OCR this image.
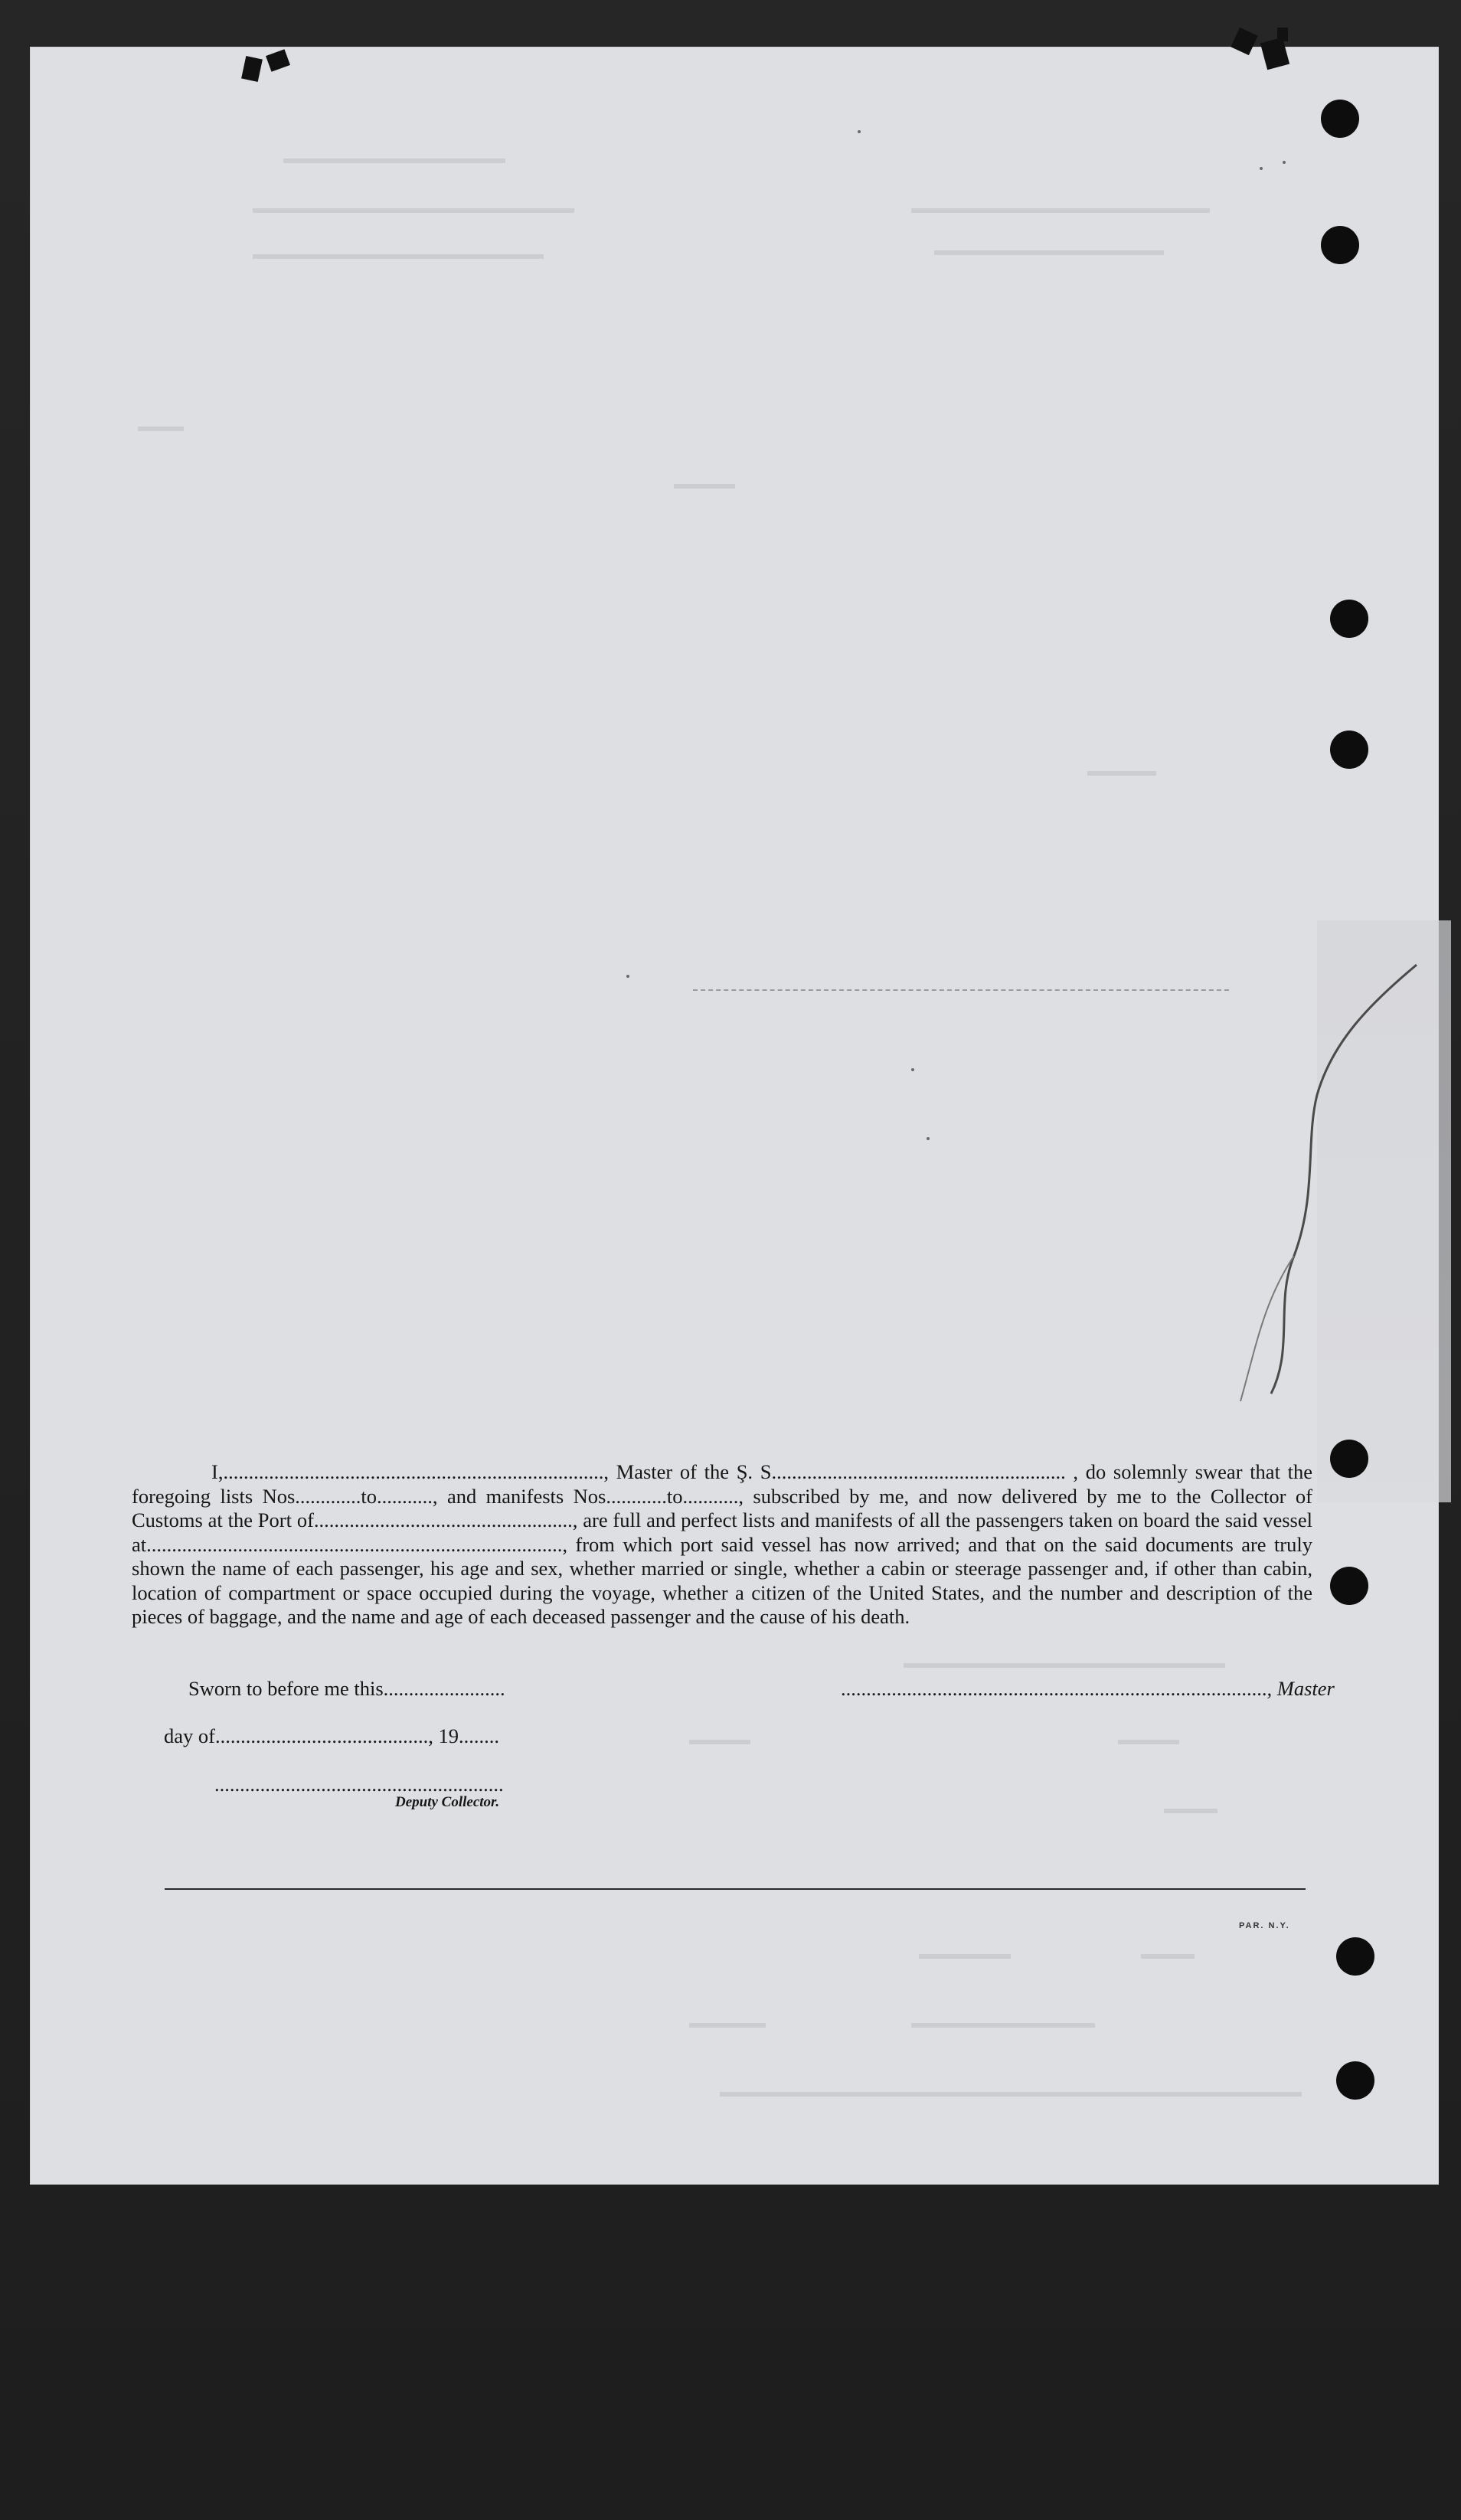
I,..........................................................................., Master of the Ş. S.......................................................... , do solemnly swear that the foregoing lists Nos.............to..........., and manifests Nos............to..........., subscribed by me, and now delivered by me to the Collector of Customs at the Port of..................................................., are full and perfect lists and manifests of all the passengers taken on board the said vessel at.................................................................................., from which port said vessel has now arrived; and that on the said documents are truly shown the name of each passenger, his age and sex, whether married or single, whether a cabin or steerage passenger and, if other than cabin, location of compartment or space occupied during the voyage, whether a citizen of the United States, and the number and description of the pieces of baggage, and the name and age of each deceased passenger and the cause of his death.

Sworn to before me this........................	...................................................................................., Master
day of.........................................., 19........
.........................................................
Deputy Collector.
PAR. N.Y.
